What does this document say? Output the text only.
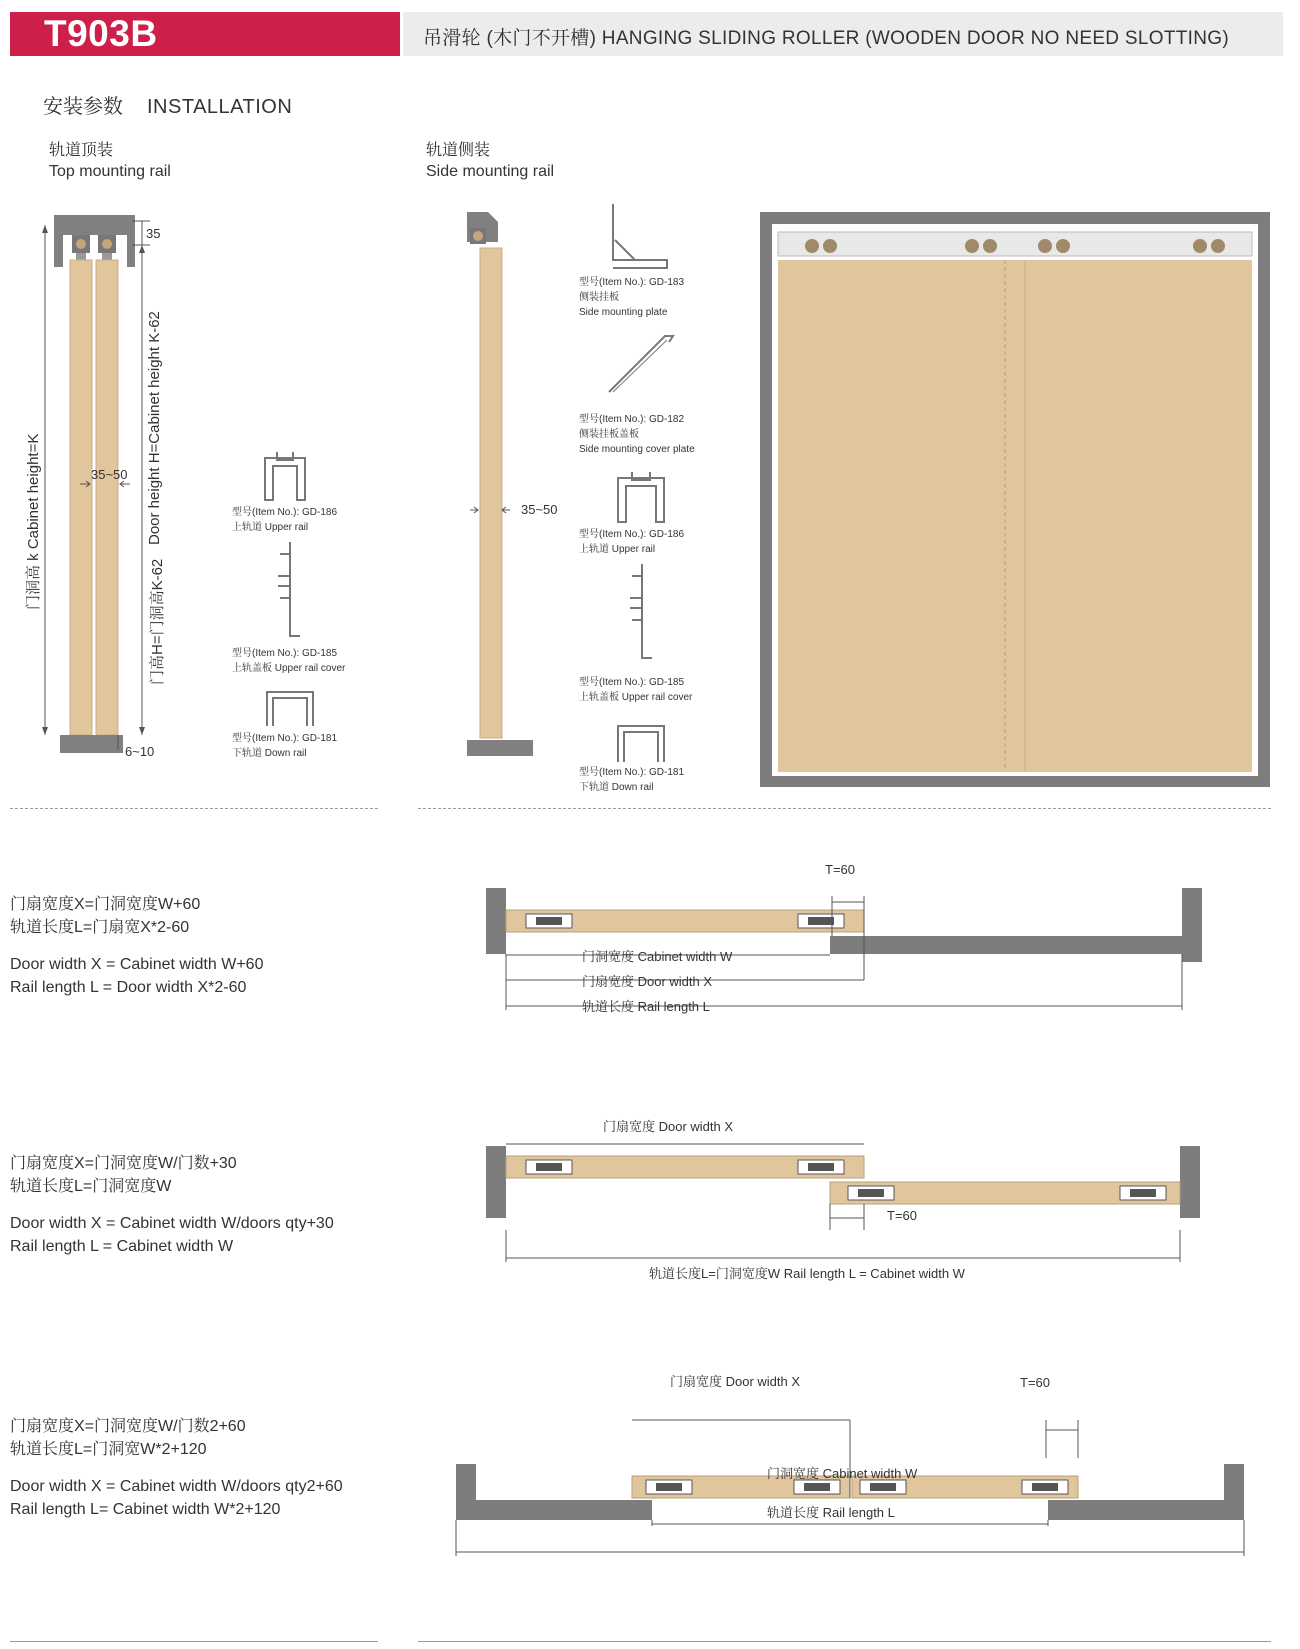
T903B	吊滑轮 (木门不开槽) HANGING SLIDING ROLLER (WOODEN DOOR NO NEED SLOTTING)
安装参数 INSTALLATION
轨道顶装
Top mounting rail
35
35~50
6~10
门洞高 k Cabinet height=K	Door height H=Cabinet height K-62
门高H=门洞高K-62
型号(Item No.): GD-186
上轨道 Upper rail
型号(Item No.): GD-185
上轨盖板 Upper rail cover
型号(Item No.): GD-181
下轨道 Down rail
轨道侧装
Side mounting rail
35~50
型号(Item No.): GD-183
侧装挂板
Side mounting plate
型号(Item No.): GD-182
侧装挂板盖板
Side mounting cover plate
型号(Item No.): GD-186
上轨道 Upper rail
型号(Item No.): GD-185
上轨盖板 Upper rail cover
型号(Item No.): GD-181
下轨道 Down rail
门扇宽度X=门洞宽度W+60
轨道长度L=门扇宽X*2-60
Door width X = Cabinet width W+60
Rail length L = Door width X*2-60
T=60
门洞宽度 Cabinet width W
门扇宽度 Door width X
轨道长度 Rail length L
门扇宽度X=门洞宽度W/门数+30
轨道长度L=门洞宽度W
Door width X = Cabinet width W/doors qty+30
Rail length L = Cabinet width W
门扇宽度 Door width X
T=60
轨道长度L=门洞宽度W Rail length L = Cabinet width W
门扇宽度X=门洞宽度W/门数2+60
轨道长度L=门洞宽W*2+120
Door width X = Cabinet width W/doors qty2+60
Rail length L= Cabinet width W*2+120
门扇宽度 Door width X	T=60
门洞宽度 Cabinet width W
轨道长度 Rail length L
